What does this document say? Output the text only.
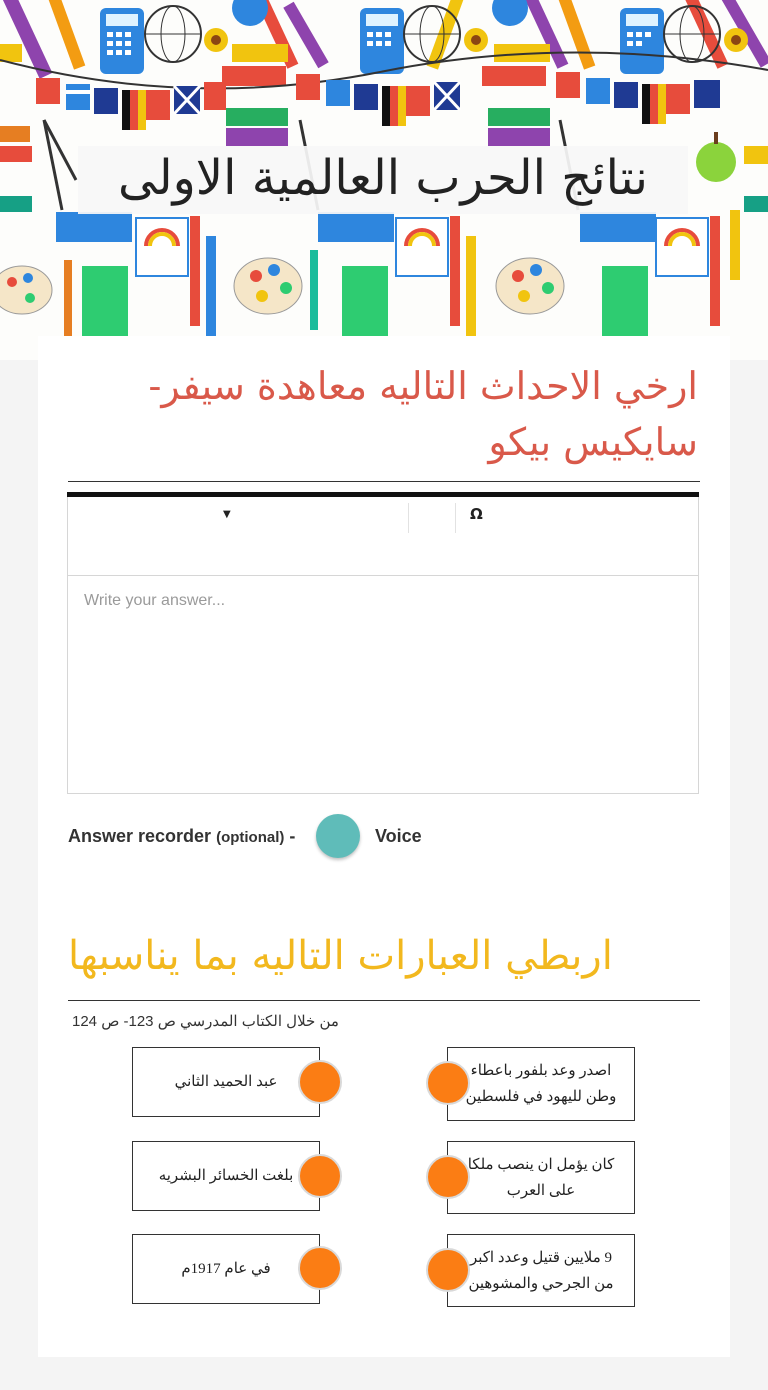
نتائج الحرب العالمية الاولى
ارخي الاحداث التاليه معاهدة سيفر- سايكيس بيكو
▼	Ω
Write your answer...
Answer recorder (optional) -	Voice
اربطي العبارات التاليه بما يناسبها
من خلال الكتاب المدرسي ص 123- ص 124
عبد الحميد الثاني
بلغت الخسائر البشريه
في عام 1917م
اصدر وعد بلفور باعطاء وطن لليهود في فلسطين
كان يؤمل ان ينصب ملكا على العرب
9 ملايين قتيل وعدد اكبر من الجرحي والمشوهين
